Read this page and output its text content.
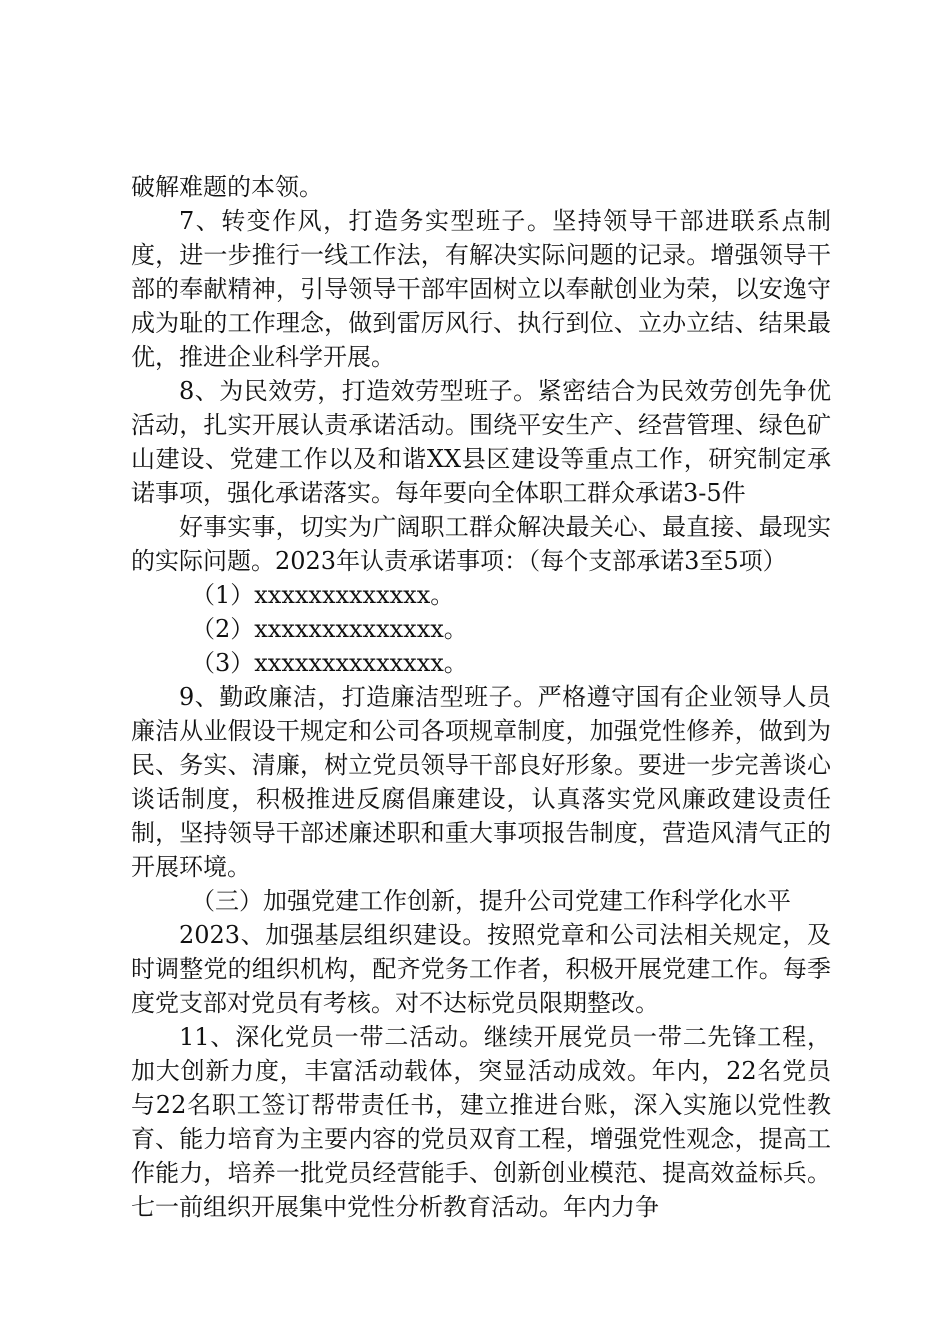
破解难题的本领。

7、转变作风，打造务实型班子。坚持领导干部进联系点制度，进一步推行一线工作法，有解决实际问题的记录。增强领导干部的奉献精神，引导领导干部牢固树立以奉献创业为荣，以安逸守成为耻的工作理念，做到雷厉风行、执行到位、立办立结、结果最优，推进企业科学开展。

8、为民效劳，打造效劳型班子。紧密结合为民效劳创先争优活动，扎实开展认责承诺活动。围绕平安生产、经营管理、绿色矿山建设、党建工作以及和谐XX县区建设等重点工作，研究制定承诺事项，强化承诺落实。每年要向全体职工群众承诺3-5件

好事实事，切实为广阔职工群众解决最关心、最直接、最现实的实际问题。2023年认责承诺事项：（每个支部承诺3至5项）

（1）xxxxxxxxxxxxx。

（2）xxxxxxxxxxxxxx。

（3）xxxxxxxxxxxxxx。

9、勤政廉洁，打造廉洁型班子。严格遵守国有企业领导人员廉洁从业假设干规定和公司各项规章制度，加强党性修养，做到为民、务实、清廉，树立党员领导干部良好形象。要进一步完善谈心谈话制度，积极推进反腐倡廉建设，认真落实党风廉政建设责任制，坚持领导干部述廉述职和重大事项报告制度，营造风清气正的开展环境。

（三）加强党建工作创新，提升公司党建工作科学化水平

2023、加强基层组织建设。按照党章和公司法相关规定，及时调整党的组织机构，配齐党务工作者，积极开展党建工作。每季度党支部对党员有考核。对不达标党员限期整改。

11、深化党员一带二活动。继续开展党员一带二先锋工程，加大创新力度，丰富活动载体，突显活动成效。年内，22名党员与22名职工签订帮带责任书，建立推进台账，深入实施以党性教育、能力培育为主要内容的党员双育工程，增强党性观念，提高工作能力，培养一批党员经营能手、创新创业模范、提高效益标兵。七一前组织开展集中党性分析教育活动。年内力争
